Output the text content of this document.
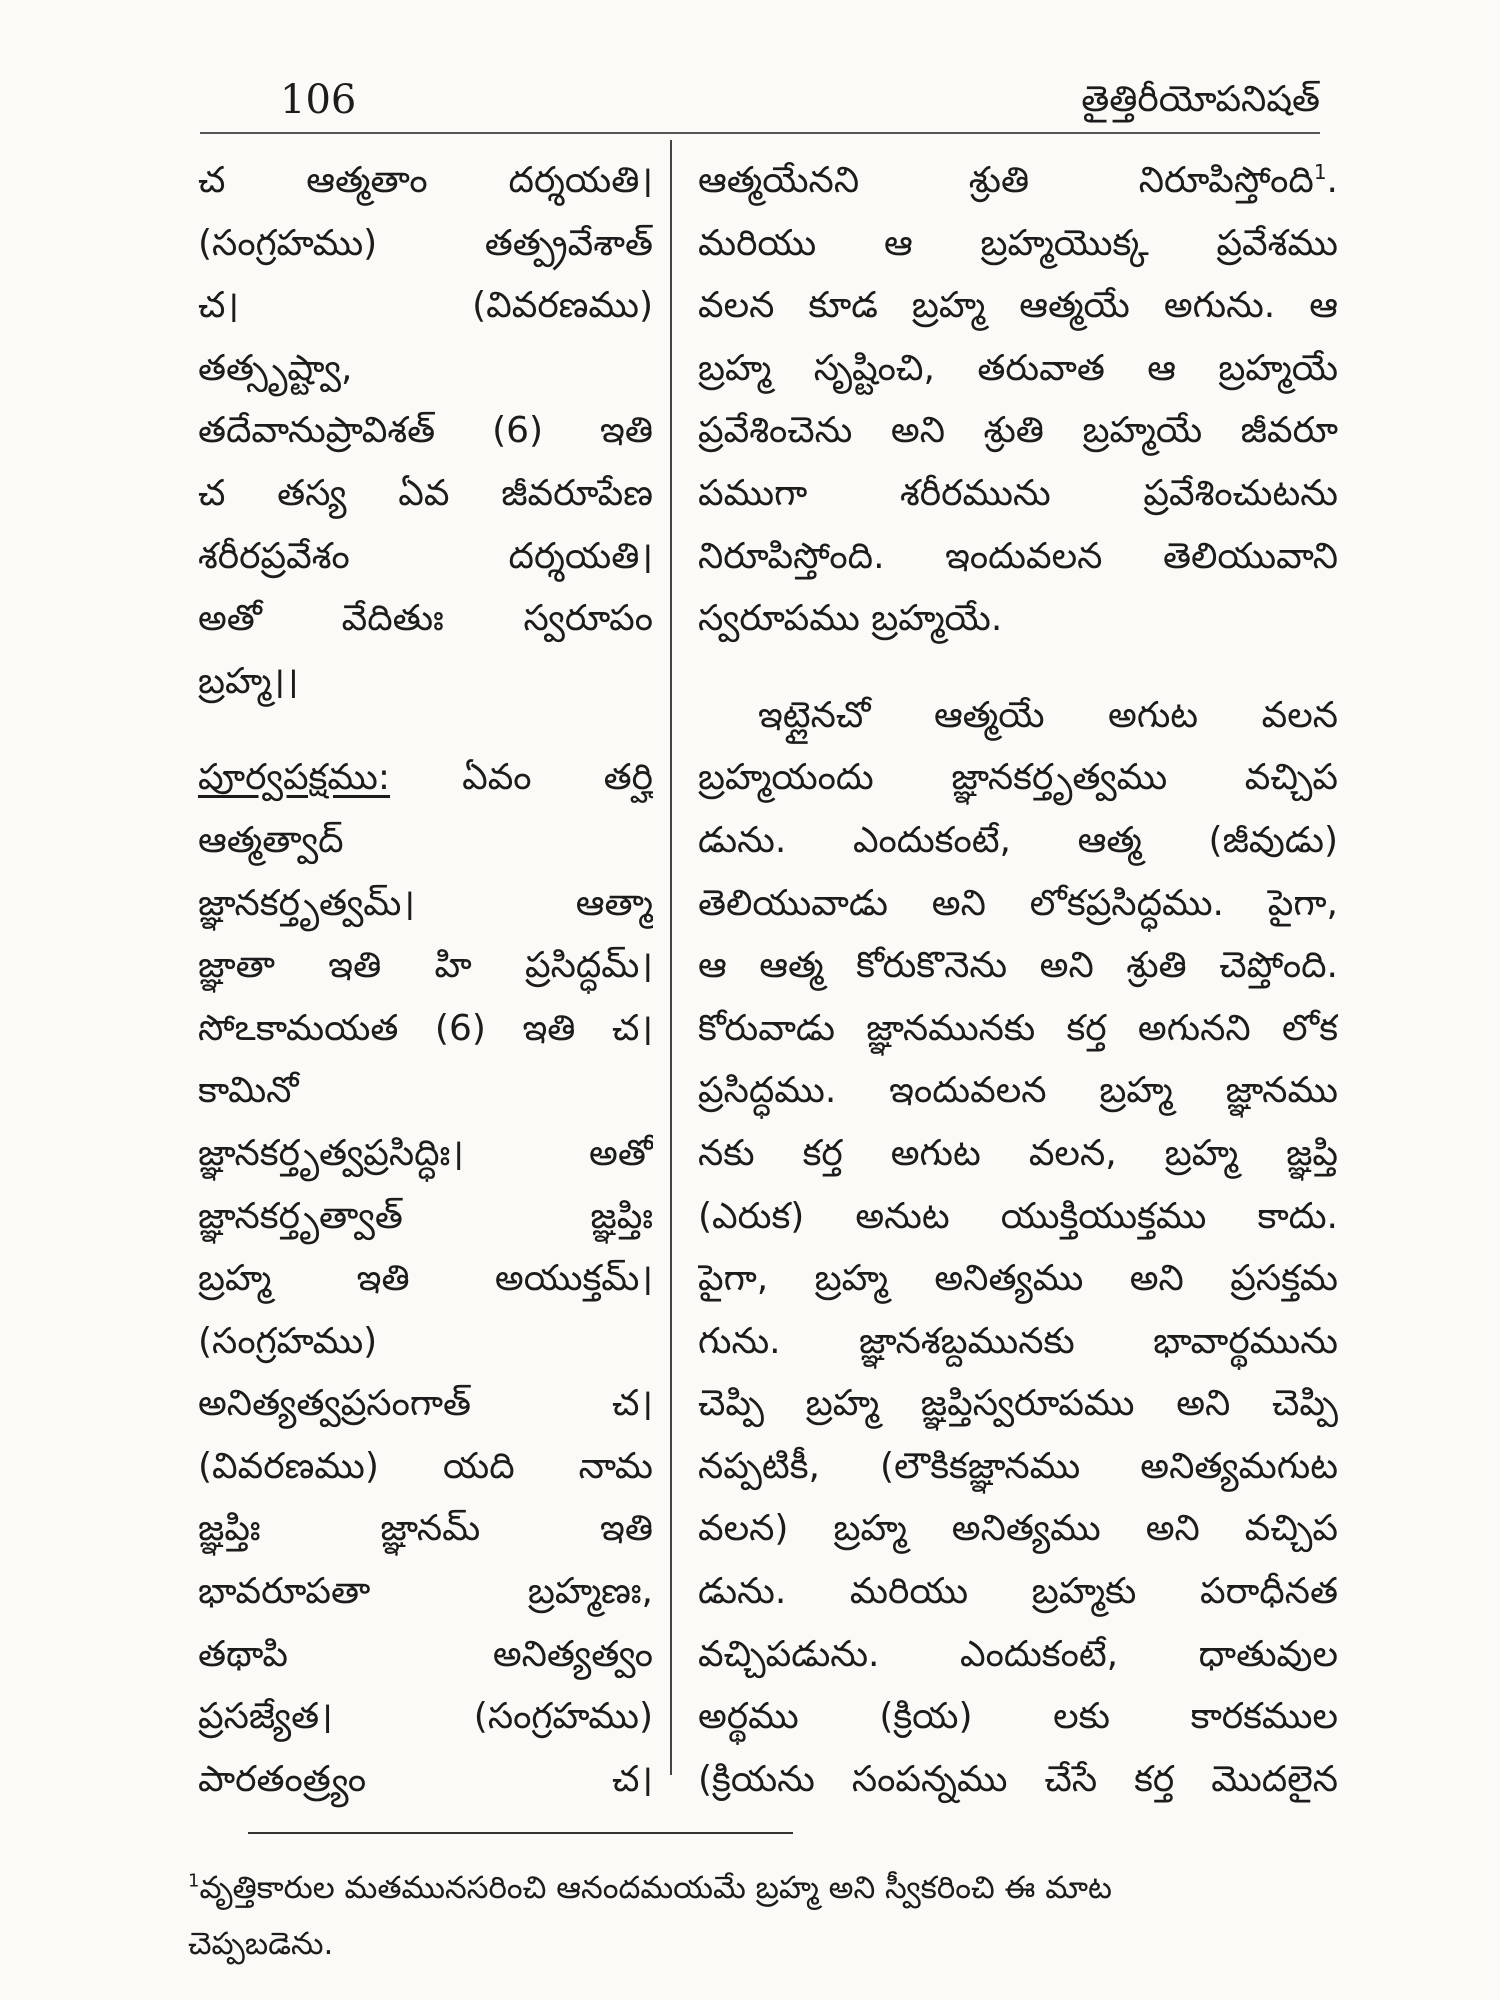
106	తైత్తిరీయోపనిషత్
చ ఆత్మతాం దర్శయతి।
(సంగ్రహము) తత్ప్రవేశాత్
చ। (వివరణము)
తత్సృష్ట్వా,
తదేవానుప్రావిశత్ (6) ఇతి
చ తస్య ఏవ జీవరూపేణ
శరీరప్రవేశం దర్శయతి।
అతో వేదితుః స్వరూపం
బ్రహ్మ।।
పూర్వపక్షము: ఏవం తర్హి
ఆత్మత్వాద్
జ్ఞానకర్తృత్వమ్। ఆత్మా
జ్ఞాతా ఇతి హి ప్రసిద్ధమ్।
సోఽకామయత (6) ఇతి చ।
కామినో
జ్ఞానకర్తృత్వప్రసిద్ధిః। అతో
జ్ఞానకర్తృత్వాత్ జ్ఞప్తిః
బ్రహ్మ ఇతి అయుక్తమ్।
(సంగ్రహము)
అనిత్యత్వప్రసంగాత్ చ।
(వివరణము) యది నామ
జ్ఞప్తిః జ్ఞానమ్ ఇతి
భావరూపతా బ్రహ్మణః,
తథాపి అనిత్యత్వం
ప్రసజ్యేత। (సంగ్రహము)
పారతంత్ర్యం చ।
ఆత్మయేనని శ్రుతి నిరూపిస్తోంది$^1$.
మరియు ఆ బ్రహ్మయొక్క ప్రవేశము
వలన కూడ బ్రహ్మ ఆత్మయే అగును. ఆ
బ్రహ్మ సృష్టించి, తరువాత ఆ బ్రహ్మయే
ప్రవేశించెను అని శ్రుతి బ్రహ్మయే జీవరూ
పముగా శరీరమును ప్రవేశించుటను
నిరూపిస్తోంది. ఇందువలన తెలియువాని
స్వరూపము బ్రహ్మయే.
ఇట్లైనచో ఆత్మయే అగుట వలన
బ్రహ్మయందు జ్ఞానకర్తృత్వము వచ్చిప
డును. ఎందుకంటే, ఆత్మ (జీవుడు)
తెలియువాడు అని లోకప్రసిద్ధము. పైగా,
ఆ ఆత్మ కోరుకొనెను అని శ్రుతి చెప్తోంది.
కోరువాడు జ్ఞానమునకు కర్త అగునని లోక
ప్రసిద్ధము. ఇందువలన బ్రహ్మ జ్ఞానము
నకు కర్త అగుట వలన, బ్రహ్మ జ్ఞప్తి
(ఎరుక) అనుట యుక్తియుక్తము కాదు.
పైగా, బ్రహ్మ అనిత్యము అని ప్రసక్తమ
గును. జ్ఞానశబ్దమునకు భావార్థమును
చెప్పి బ్రహ్మ జ్ఞప్తిస్వరూపము అని చెప్పి
నప్పటికీ, (లౌకికజ్ఞానము అనిత్యమగుట
వలన) బ్రహ్మ అనిత్యము అని వచ్చిప
డును. మరియు బ్రహ్మకు పరాధీనత
వచ్చిపడును. ఎందుకంటే, ధాతువుల
అర్థము (క్రియ) లకు కారకముల
(క్రియను సంపన్నము చేసే కర్త మొదలైన
$^1$వృత్తికారుల మతమునసరించి ఆనందమయమే బ్రహ్మ అని స్వీకరించి ఈ మాట
చెప్పబడెను.
